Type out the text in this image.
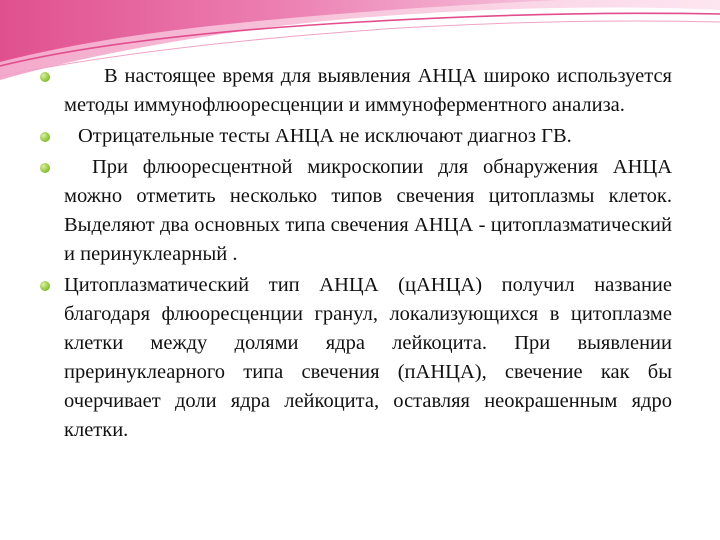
В настоящее время для выявления АНЦА широко используется методы иммунофлюоресценции и иммуноферментного анализа.
Отрицательные тесты АНЦА не исключают диагноз ГВ.
При флюоресцентной микроскопии для обнаружения АНЦА можно отметить несколько типов свечения цитоплазмы клеток. Выделяют два основных типа свечения АНЦА - цитоплазматический и перинуклеарный .
Цитоплазматический тип АНЦА (цАНЦА) получил название благодаря флюоресценции гранул, локализующихся в цитоплазме клетки между долями ядра лейкоцита. При выявлении преринуклеарного типа свечения (пАНЦА), свечение как бы очерчивает доли ядра лейкоцита, оставляя неокрашенным ядро клетки.
